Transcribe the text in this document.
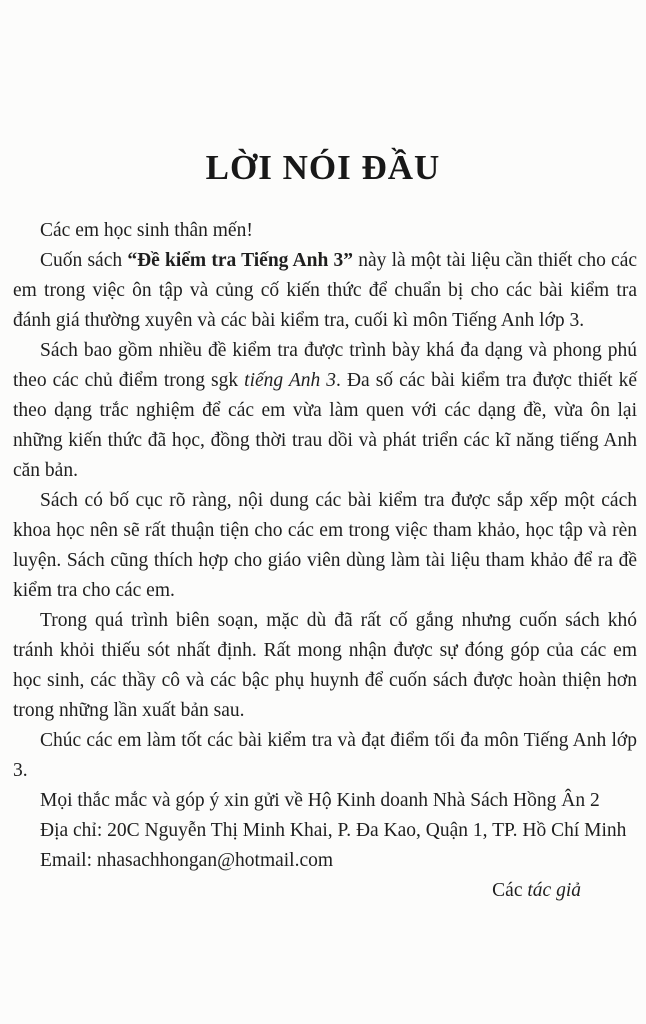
LỜI NÓI ĐẦU

Các em học sinh thân mến!

Cuốn sách “Đề kiểm tra Tiếng Anh 3” này là một tài liệu cần thiết cho các em trong việc ôn tập và củng cố kiến thức để chuẩn bị cho các bài kiểm tra đánh giá thường xuyên và các bài kiểm tra, cuối kì môn Tiếng Anh lớp 3.

Sách bao gồm nhiều đề kiểm tra được trình bày khá đa dạng và phong phú theo các chủ điểm trong sgk tiếng Anh 3. Đa số các bài kiểm tra được thiết kế theo dạng trắc nghiệm để các em vừa làm quen với các dạng đề, vừa ôn lại những kiến thức đã học, đồng thời trau dồi và phát triển các kĩ năng tiếng Anh căn bản.

Sách có bố cục rõ ràng, nội dung các bài kiểm tra được sắp xếp một cách khoa học nên sẽ rất thuận tiện cho các em trong việc tham khảo, học tập và rèn luyện. Sách cũng thích hợp cho giáo viên dùng làm tài liệu tham khảo để ra đề kiểm tra cho các em.

Trong quá trình biên soạn, mặc dù đã rất cố gắng nhưng cuốn sách khó tránh khỏi thiếu sót nhất định. Rất mong nhận được sự đóng góp của các em học sinh, các thầy cô và các bậc phụ huynh để cuốn sách được hoàn thiện hơn trong những lần xuất bản sau.

Chúc các em làm tốt các bài kiểm tra và đạt điểm tối đa môn Tiếng Anh lớp 3.

Mọi thắc mắc và góp ý xin gửi về Hộ Kinh doanh Nhà Sách Hồng Ân 2

Địa chỉ: 20C Nguyễn Thị Minh Khai, P. Đa Kao, Quận 1, TP. Hồ Chí Minh

Email: nhasachhongan@hotmail.com

Các tác giả
